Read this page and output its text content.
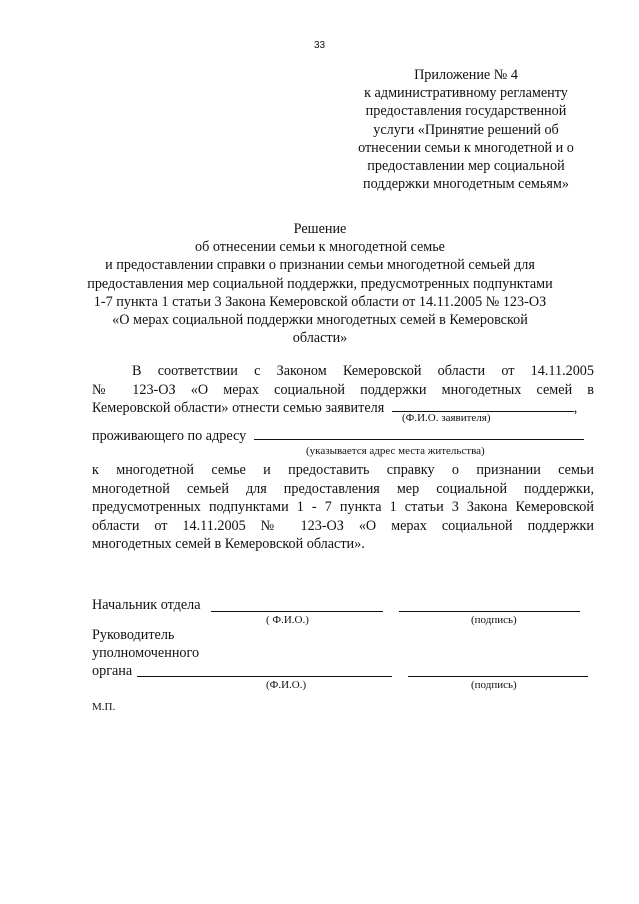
33
Приложение № 4
к административному регламенту
предоставления государственной
услуги «Принятие решений об
отнесении семьи к многодетной и о
предоставлении мер социальной
поддержки многодетным семьям»
Решение
об отнесении семьи к многодетной семье
и предоставлении справки о признании семьи многодетной семьей для
предоставления мер социальной поддержки, предусмотренных подпунктами
1-7 пункта 1 статьи 3 Закона Кемеровской области от 14.11.2005 № 123-ОЗ
«О мерах социальной поддержки многодетных семей в Кемеровской
области»
В соответствии с Законом Кемеровской области от 14.11.2005
№ 123-ОЗ «О мерах социальной поддержки многодетных семей в
Кемеровской области» отнести семью заявителя	,
(Ф.И.О. заявителя)
проживающего по адресу
(указывается адрес места жительства)
к многодетной семье и предоставить справку о признании семьи
многодетной семьей для предоставления мер социальной поддержки,
предусмотренных подпунктами 1 - 7 пункта 1 статьи 3 Закона Кемеровской
области от 14.11.2005 № 123-ОЗ «О мерах социальной поддержки
многодетных семей в Кемеровской области».
Начальник отдела
( Ф.И.О.)	(подпись)
Руководитель
уполномоченного
органа
(Ф.И.О.)	(подпись)
М.П.
